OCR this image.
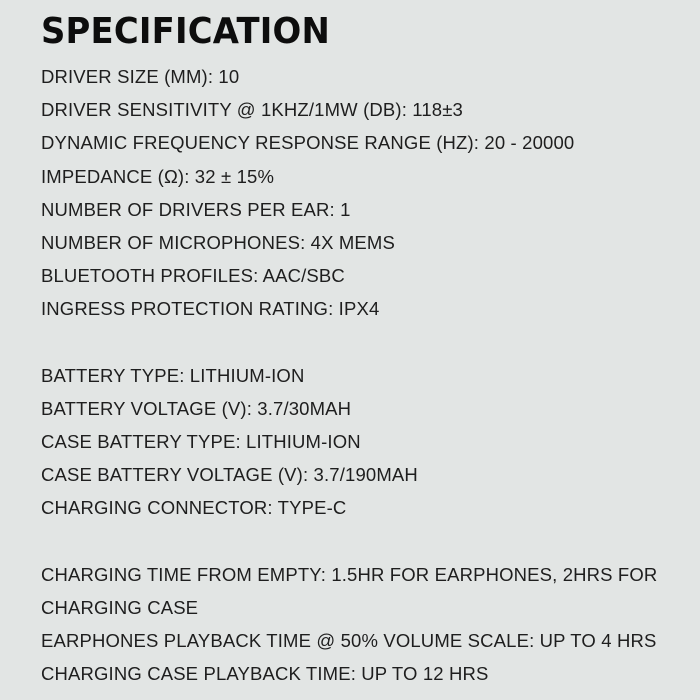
SPECIFICATION
DRIVER SIZE (MM): 10
DRIVER SENSITIVITY @ 1KHZ/1MW (DB): 118±3
DYNAMIC FREQUENCY RESPONSE RANGE (HZ): 20 - 20000
IMPEDANCE (Ω): 32 ± 15%
NUMBER OF DRIVERS PER EAR: 1
NUMBER OF MICROPHONES: 4X MEMS
BLUETOOTH PROFILES: AAC/SBC
INGRESS PROTECTION RATING: IPX4
BATTERY TYPE: LITHIUM-ION
BATTERY VOLTAGE (V): 3.7/30MAH
CASE BATTERY TYPE: LITHIUM-ION
CASE BATTERY VOLTAGE (V): 3.7/190MAH
CHARGING CONNECTOR: TYPE-C
CHARGING TIME FROM EMPTY: 1.5HR FOR EARPHONES, 2HRS FOR
CHARGING CASE
EARPHONES PLAYBACK TIME @ 50% VOLUME SCALE: UP TO 4 HRS
CHARGING CASE PLAYBACK TIME: UP TO 12 HRS
